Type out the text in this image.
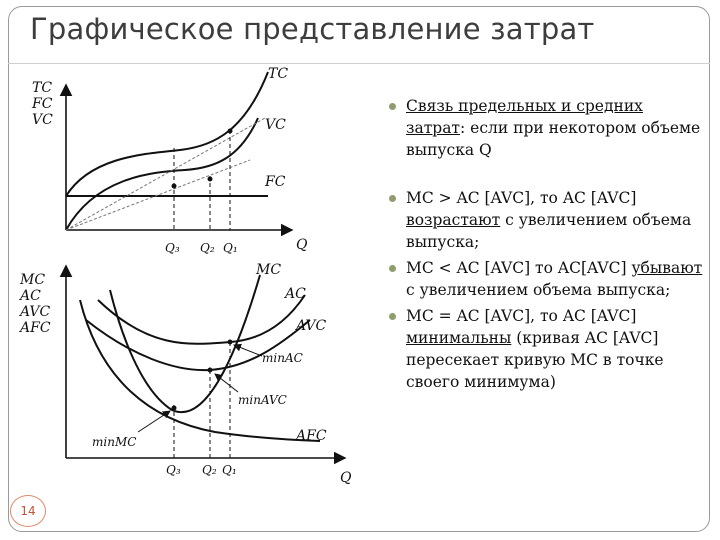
Графическое представление затрат
TC
FC
VC
TC
VC
FC
Q₃ Q₂ Q₁	Q
MC
AC
AVC
AFC
MC
AC
AVC
AFC
minAC
minAVC
minMC
Q₃ Q₂ Q₁	Q
Связь предельных и средних затрат: если при некотором объеме выпуска Q
MC > AC [AVC], то AC [AVC] возрастают с увеличением объема выпуска;
MC < AC [AVC] то AC[AVC] убывают с увеличением объема выпуска;
MC = AC [AVC], то AC [AVC] минимальны (кривая AC [AVC] пересекает кривую MC в точке своего минимума)
14
